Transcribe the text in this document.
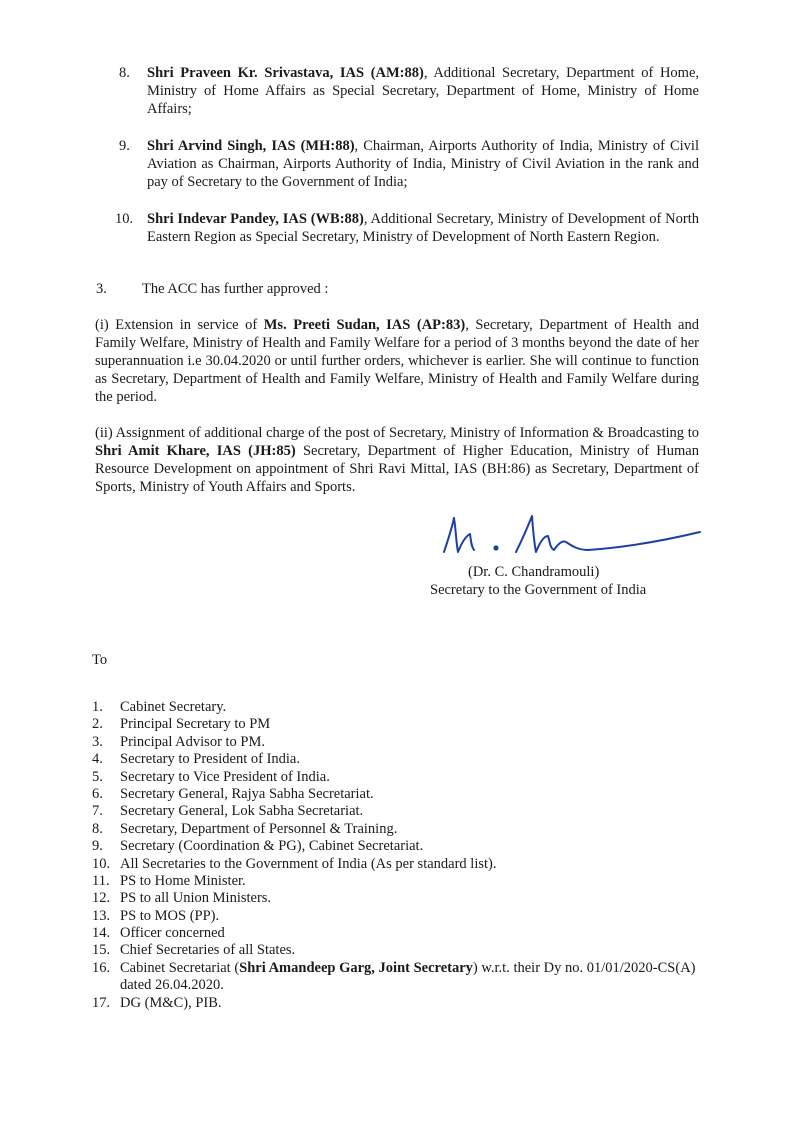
8. Shri Praveen Kr. Srivastava, IAS (AM:88), Additional Secretary, Department of Home, Ministry of Home Affairs as Special Secretary, Department of Home, Ministry of Home Affairs;
9. Shri Arvind Singh, IAS (MH:88), Chairman, Airports Authority of India, Ministry of Civil Aviation as Chairman, Airports Authority of India, Ministry of Civil Aviation in the rank and pay of Secretary to the Government of India;
10. Shri Indevar Pandey, IAS (WB:88), Additional Secretary, Ministry of Development of North Eastern Region as Special Secretary, Ministry of Development of North Eastern Region.
3. The ACC has further approved :
(i) Extension in service of Ms. Preeti Sudan, IAS (AP:83), Secretary, Department of Health and Family Welfare, Ministry of Health and Family Welfare for a period of 3 months beyond the date of her superannuation i.e 30.04.2020 or until further orders, whichever is earlier. She will continue to function as Secretary, Department of Health and Family Welfare, Ministry of Health and Family Welfare during the period.
(ii) Assignment of additional charge of the post of Secretary, Ministry of Information & Broadcasting to Shri Amit Khare, IAS (JH:85) Secretary, Department of Higher Education, Ministry of Human Resource Development on appointment of Shri Ravi Mittal, IAS (BH:86) as Secretary, Department of Sports, Ministry of Youth Affairs and Sports.
(Dr. C. Chandramouli)
Secretary to the Government of India
To
1.	Cabinet Secretary.
2.	Principal Secretary to PM
3.	Principal Advisor to PM.
4.	Secretary to President of India.
5.	Secretary to Vice President of India.
6.	Secretary General, Rajya Sabha Secretariat.
7.	Secretary General, Lok Sabha Secretariat.
8.	Secretary, Department of Personnel & Training.
9.	Secretary (Coordination & PG), Cabinet Secretariat.
10. All Secretaries to the Government of India (As per standard list).
11. PS to Home Minister.
12. PS to all Union Ministers.
13. PS to MOS (PP).
14. Officer concerned
15. Chief Secretaries of all States.
16. Cabinet Secretariat (Shri Amandeep Garg, Joint Secretary) w.r.t. their Dy no. 01/01/2020-CS(A) dated 26.04.2020.
17. DG (M&C), PIB.
